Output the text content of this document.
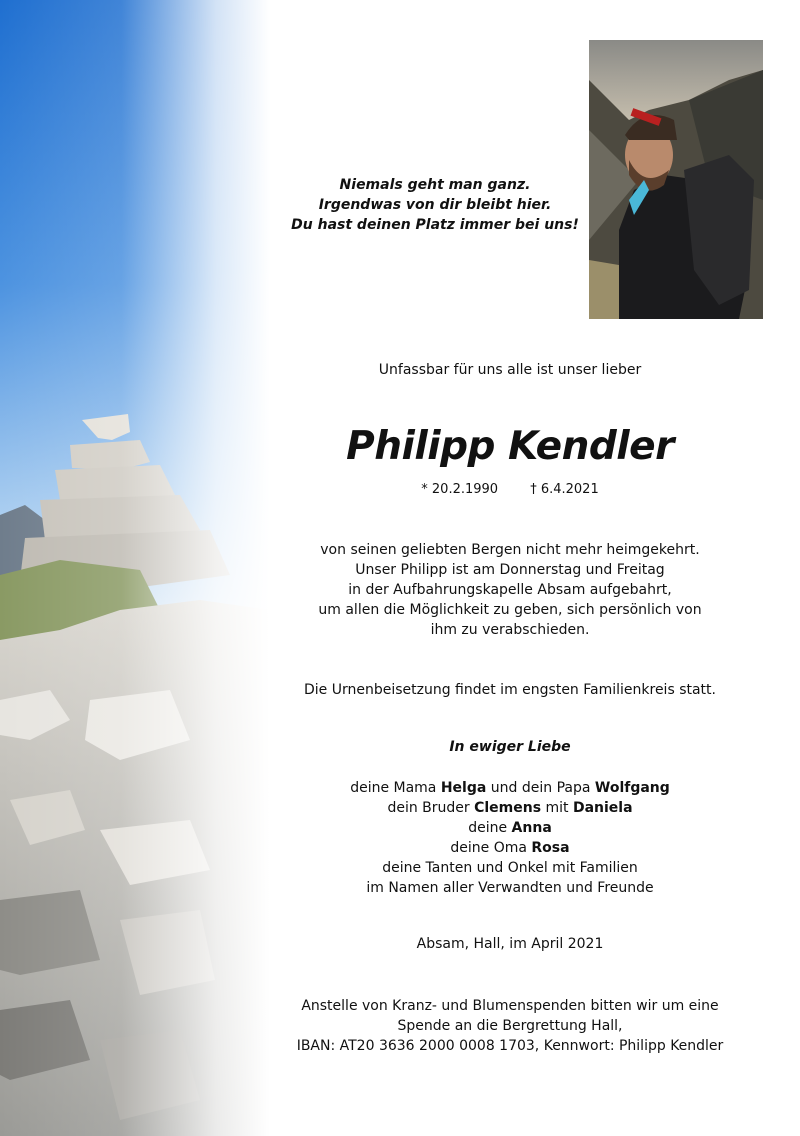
Niemals geht man ganz.
Irgendwas von dir bleibt hier.
Du hast deinen Platz immer bei uns!
Unfassbar für uns alle ist unser lieber
Philipp Kendler
* 20.2.1990 † 6.4.2021
von seinen geliebten Bergen nicht mehr heimgekehrt.
Unser Philipp ist am Donnerstag und Freitag
in der Aufbahrungskapelle Absam aufgebahrt,
um allen die Möglichkeit zu geben, sich persönlich von
ihm zu verabschieden.
Die Urnenbeisetzung findet im engsten Familienkreis statt.
In ewiger Liebe
deine Mama Helga und dein Papa Wolfgang
dein Bruder Clemens mit Daniela
deine Anna
deine Oma Rosa
deine Tanten und Onkel mit Familien
im Namen aller Verwandten und Freunde
Absam, Hall, im April 2021
Anstelle von Kranz- und Blumenspenden bitten wir um eine
Spende an die Bergrettung Hall,
IBAN: AT20 3636 2000 0008 1703, Kennwort: Philipp Kendler
